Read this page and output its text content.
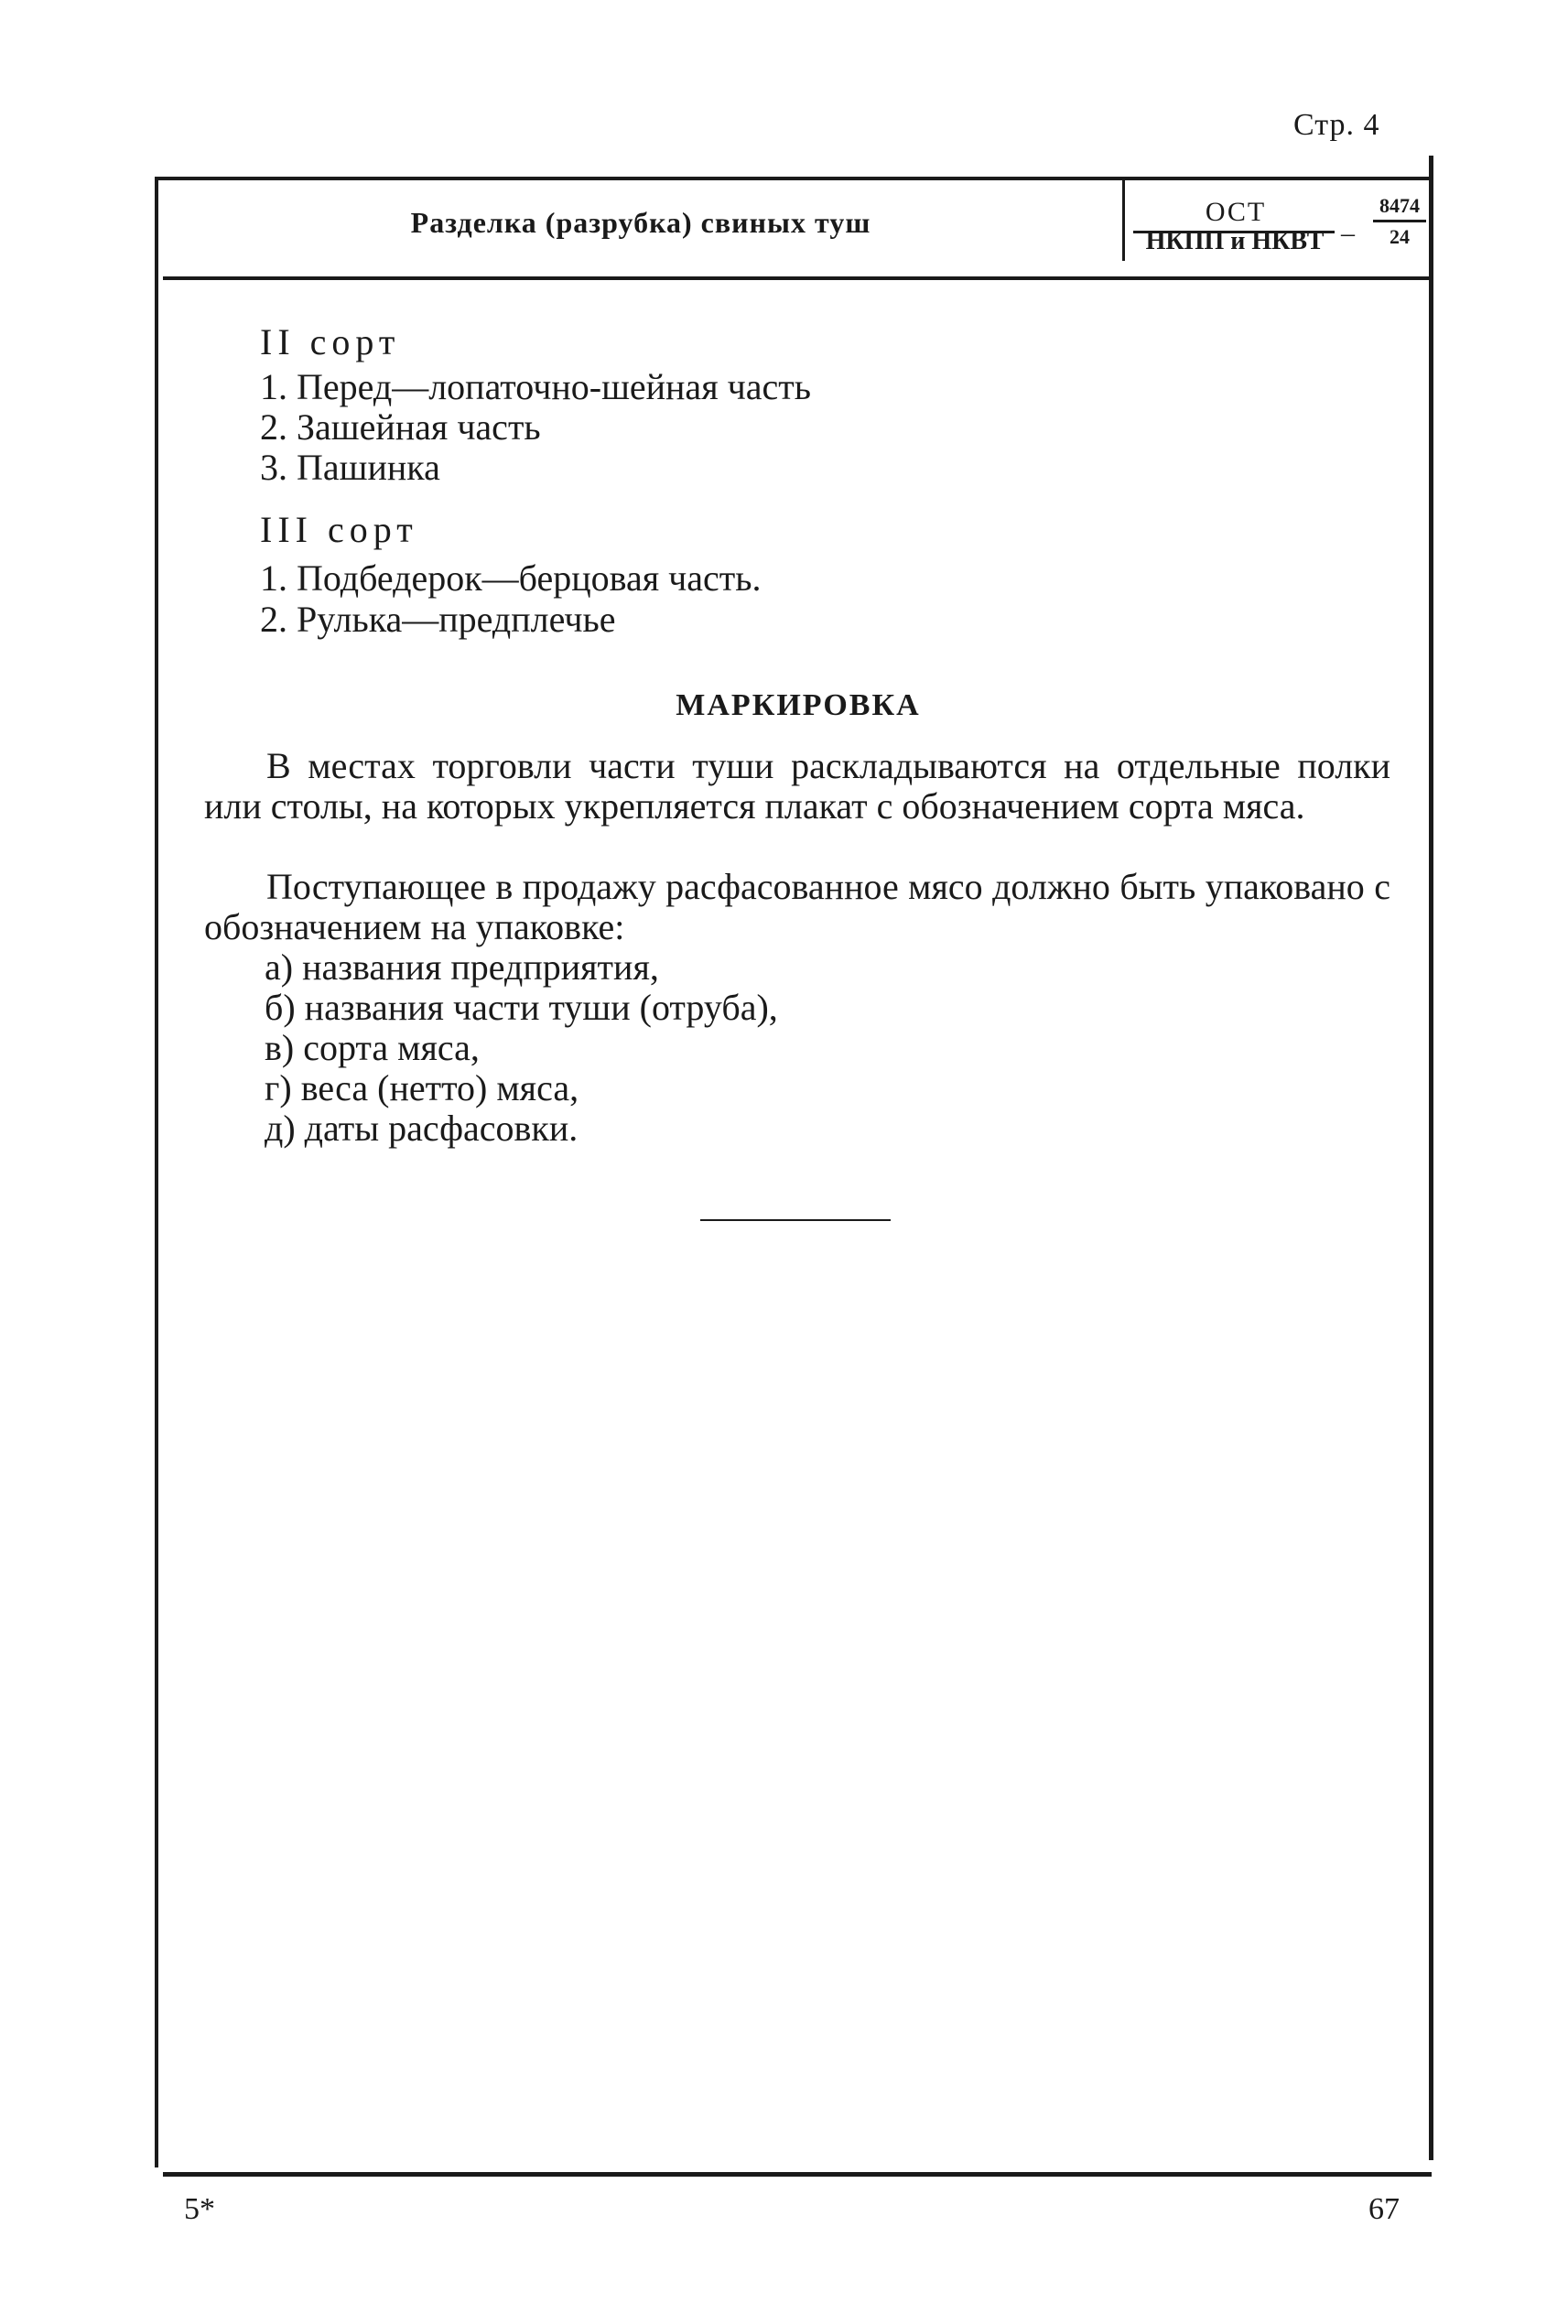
Стр. 4
Разделка (разрубка) свиных туш	ОСТ
НКПП и НКВТ –
8474
24
II сорт
1. Перед—лопаточно-шейная часть
2. Зашейная часть
3. Пашинка
III сорт
1. Подбедерок—берцовая часть.
2. Рулька—предплечье
МАРКИРОВКА
В местах торговли части туши раскладываются на отдельные полки или столы, на которых укрепляется плакат с обозначением сорта мяса.
Поступающее в продажу расфасованное мясо должно быть упаковано с обозначением на упаковке:
а) названия предприятия,
б) названия части туши (отруба),
в) сорта мяса,
г) веса (нетто) мяса,
д) даты расфасовки.
5*	67
